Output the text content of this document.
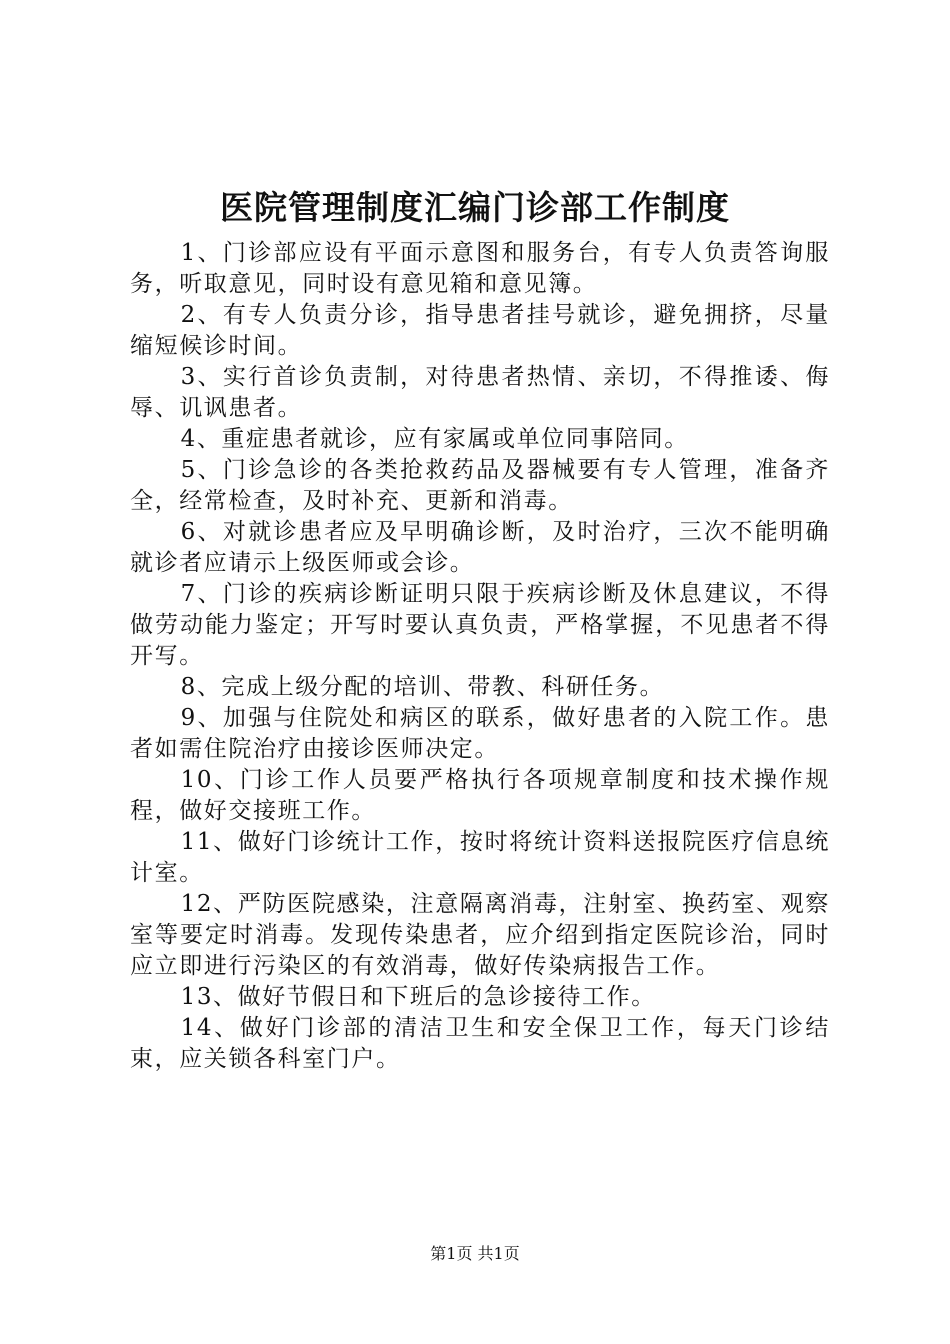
医院管理制度汇编门诊部工作制度

1、门诊部应设有平面示意图和服务台，有专人负责答询服务，听取意见，同时设有意见箱和意见簿。

2、有专人负责分诊，指导患者挂号就诊，避免拥挤，尽量缩短候诊时间。

3、实行首诊负责制，对待患者热情、亲切，不得推诿、侮辱、讥讽患者。

4、重症患者就诊，应有家属或单位同事陪同。

5、门诊急诊的各类抢救药品及器械要有专人管理，准备齐全，经常检查，及时补充、更新和消毒。

6、对就诊患者应及早明确诊断，及时治疗，三次不能明确就诊者应请示上级医师或会诊。

7、门诊的疾病诊断证明只限于疾病诊断及休息建议，不得做劳动能力鉴定；开写时要认真负责，严格掌握，不见患者不得开写。

8、完成上级分配的培训、带教、科研任务。

9、加强与住院处和病区的联系，做好患者的入院工作。患者如需住院治疗由接诊医师决定。

10、门诊工作人员要严格执行各项规章制度和技术操作规程，做好交接班工作。

11、做好门诊统计工作，按时将统计资料送报院医疗信息统计室。

12、严防医院感染，注意隔离消毒，注射室、换药室、观察室等要定时消毒。发现传染患者，应介绍到指定医院诊治，同时应立即进行污染区的有效消毒，做好传染病报告工作。

13、做好节假日和下班后的急诊接待工作。

14、做好门诊部的清洁卫生和安全保卫工作，每天门诊结束，应关锁各科室门户。

第1页 共1页
